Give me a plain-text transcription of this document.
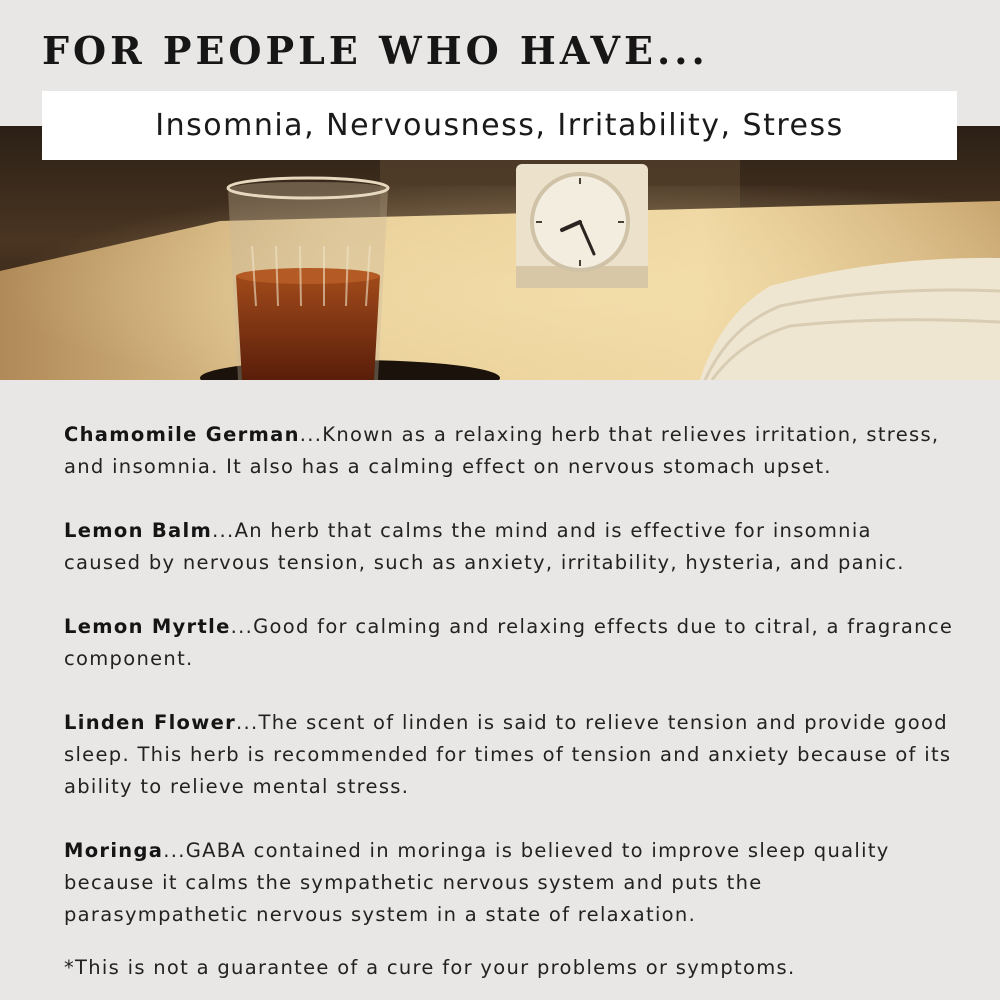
FOR PEOPLE WHO HAVE...
Insomnia, Nervousness, Irritability, Stress

Chamomile German...Known as a relaxing herb that relieves irritation, stress, and insomnia. It also has a calming effect on nervous stomach upset.

Lemon Balm...An herb that calms the mind and is effective for insomnia caused by nervous tension, such as anxiety, irritability, hysteria, and panic.

Lemon Myrtle...Good for calming and relaxing effects due to citral, a fragrance component.

Linden Flower...The scent of linden is said to relieve tension and provide good sleep. This herb is recommended for times of tension and anxiety because of its ability to relieve mental stress.

Moringa...GABA contained in moringa is believed to improve sleep quality because it calms the sympathetic nervous system and puts the parasympathetic nervous system in a state of relaxation.

*This is not a guarantee of a cure for your problems or symptoms.
